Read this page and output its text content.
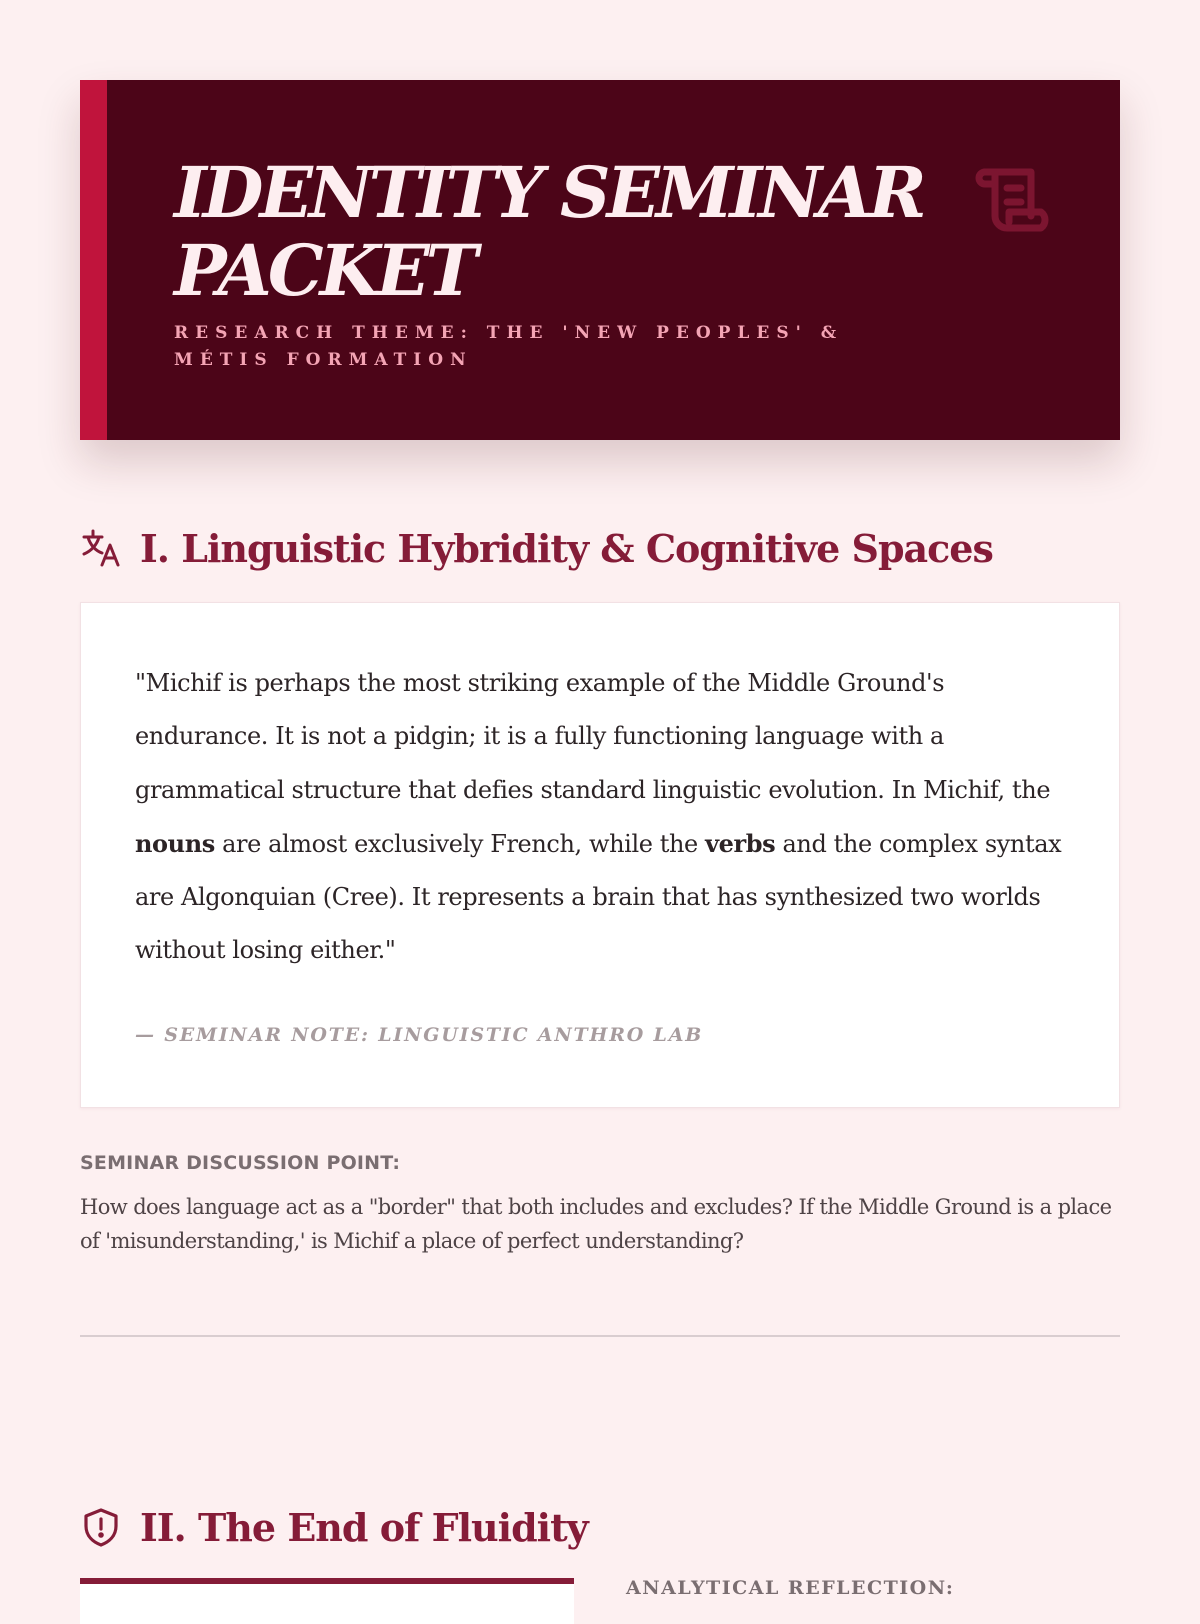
IDENTITY SEMINAR PACKET
RESEARCH THEME: THE 'NEW PEOPLES' & MÉTIS FORMATION
I. Linguistic Hybridity & Cognitive Spaces

"Michif is perhaps the most striking example of the Middle Ground's endurance. It is not a pidgin; it is a fully functioning language with a grammatical structure that defies standard linguistic evolution. In Michif, the nouns are almost exclusively French, while the verbs and the complex syntax are Algonquian (Cree). It represents a brain that has synthesized two worlds without losing either."

— SEMINAR NOTE: LINGUISTIC ANTHRO LAB
SEMINAR DISCUSSION POINT:

How does language act as a "border" that both includes and excludes? If the Middle Ground is a place of 'misunderstanding,' is Michif a place of perfect understanding?

II. The End of Fluidity
ANALYTICAL REFLECTION:
